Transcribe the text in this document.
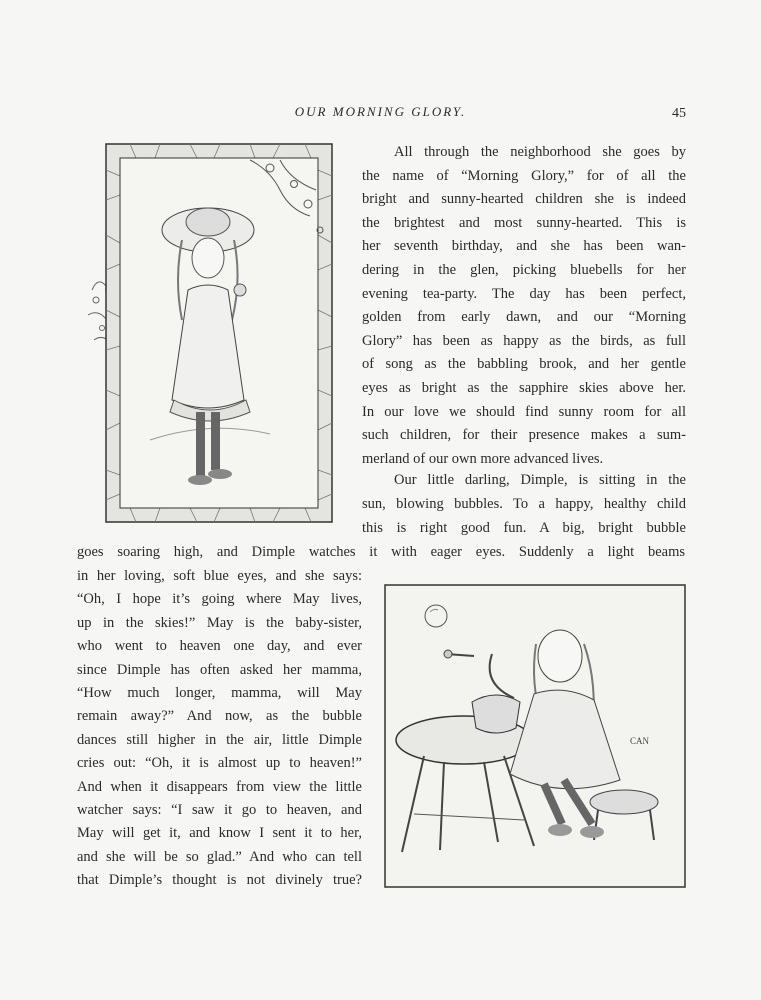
OUR MORNING GLORY.	45
All through the neighborhood she goes by
the name of “Morning Glory,” for of all the
bright and sunny-hearted children she is indeed
the brightest and most sunny-hearted. This is
her seventh birthday, and she has been wan-
dering in the glen, picking bluebells for her
evening tea-party. The day has been perfect,
golden from early dawn, and our “Morning
Glory” has been as happy as the birds, as full
of song as the babbling brook, and her gentle
eyes as bright as the sapphire skies above her.
In our love we should find sunny room for all
such children, for their presence makes a sum-
merland of our own more advanced lives.
Our little darling, Dimple, is sitting in the
sun, blowing bubbles. To a happy, healthy child
this is right good fun. A big, bright bubble
goes soaring high, and Dimple watches it with eager eyes. Suddenly a light beams
in her loving, soft blue eyes, and she says:
“Oh, I hope it’s going where May lives,
up in the skies!” May is the baby-sister,
who went to heaven one day, and ever
since Dimple has often asked her mamma,
“How much longer, mamma, will May
remain away?” And now, as the bubble
dances still higher in the air, little Dimple
cries out: “Oh, it is almost up to heaven!”
And when it disappears from view the little
watcher says: “I saw it go to heaven, and
May will get it, and know I sent it to her,
and she will be so glad.” And who can tell
that Dimple’s thought is not divinely true?
CAN
